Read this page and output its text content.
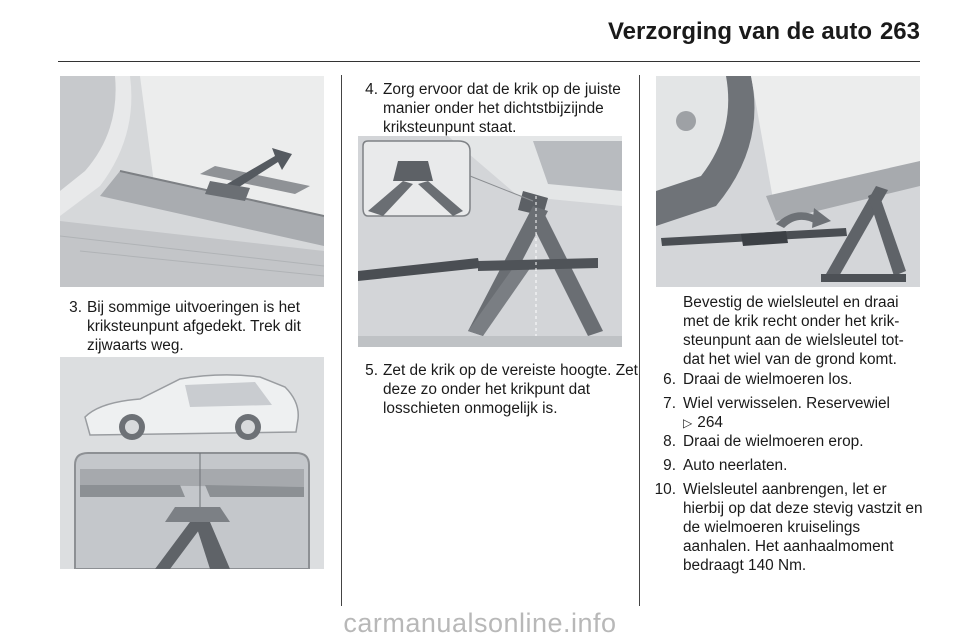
Verzorging van de auto 263
3. Bij sommige uitvoeringen is het kriksteunpunt afgedekt. Trek dit zijwaarts weg.
4. Zorg ervoor dat de krik op de juiste manier onder het dichtstbijzijnde kriksteunpunt staat.
5. Zet de krik op de vereiste hoogte. Zet deze zo onder het krikpunt dat losschieten onmogelijk is.
Bevestig de wielsleutel en draai met de krik recht onder het krik-steunpunt aan de wielsleutel tot-dat het wiel van de grond komt.
6. Draai de wielmoeren los.
7. Wiel verwisselen. Reservewiel
▷ 264
8. Draai de wielmoeren erop.
9. Auto neerlaten.
10. Wielsleutel aanbrengen, let er hierbij op dat deze stevig vastzit en de wielmoeren kruiselings aanhalen. Het aanhaalmoment bedraagt 140 Nm.
carmanualsonline.info
